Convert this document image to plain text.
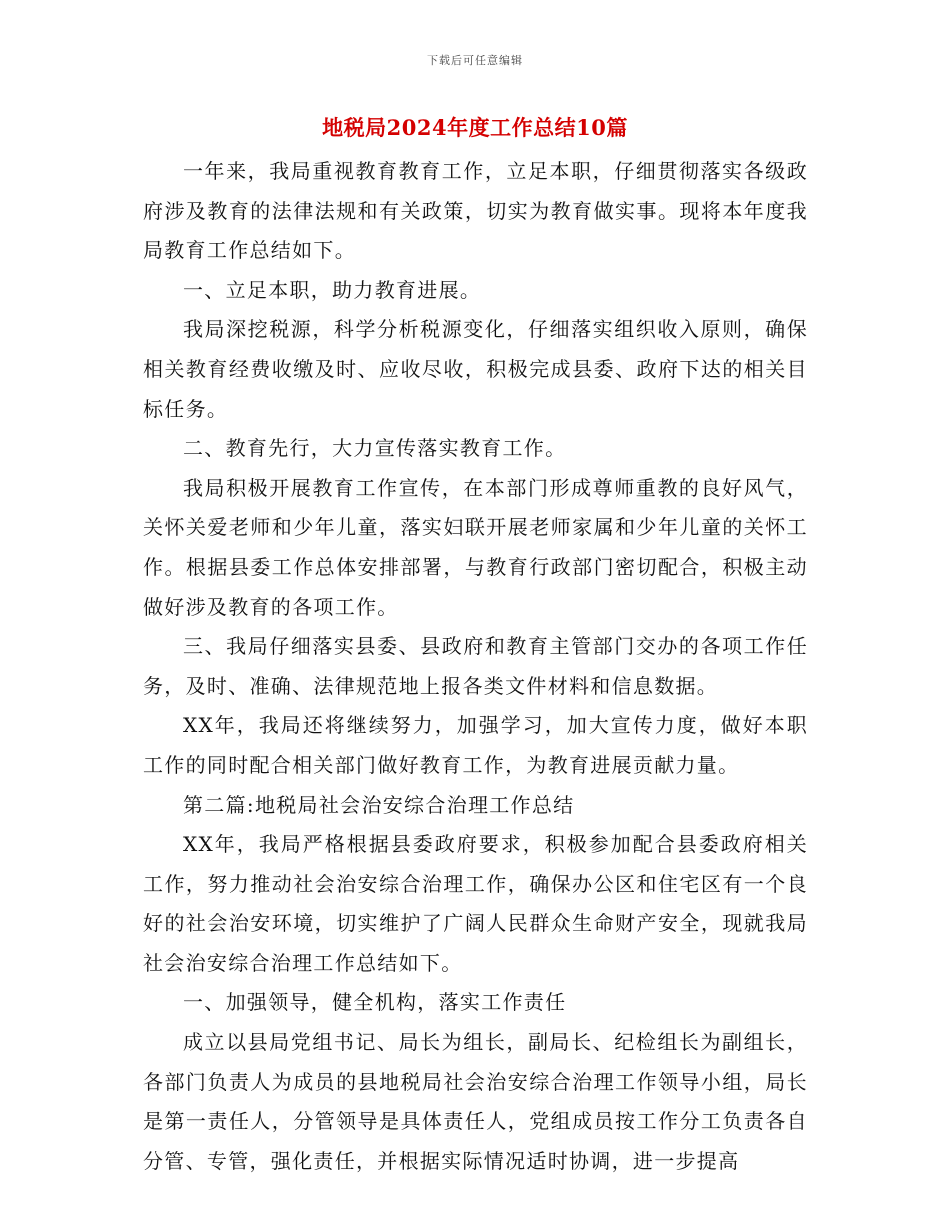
下载后可任意编辑
地税局2024年度工作总结10篇

一年来，我局重视教育教育工作，立足本职，仔细贯彻落实各级政府涉及教育的法律法规和有关政策，切实为教育做实事。现将本年度我局教育工作总结如下。

一、立足本职，助力教育进展。

我局深挖税源，科学分析税源变化，仔细落实组织收入原则，确保相关教育经费收缴及时、应收尽收，积极完成县委、政府下达的相关目标任务。

二、教育先行，大力宣传落实教育工作。

我局积极开展教育工作宣传，在本部门形成尊师重教的良好风气，关怀关爱老师和少年儿童，落实妇联开展老师家属和少年儿童的关怀工作。根据县委工作总体安排部署，与教育行政部门密切配合，积极主动做好涉及教育的各项工作。

三、我局仔细落实县委、县政府和教育主管部门交办的各项工作任务，及时、准确、法律规范地上报各类文件材料和信息数据。

XX年，我局还将继续努力，加强学习，加大宣传力度，做好本职工作的同时配合相关部门做好教育工作，为教育进展贡献力量。

第二篇:地税局社会治安综合治理工作总结

XX年，我局严格根据县委政府要求，积极参加配合县委政府相关工作，努力推动社会治安综合治理工作，确保办公区和住宅区有一个良好的社会治安环境，切实维护了广阔人民群众生命财产安全，现就我局社会治安综合治理工作总结如下。

一、加强领导，健全机构，落实工作责任

成立以县局党组书记、局长为组长，副局长、纪检组长为副组长，各部门负责人为成员的县地税局社会治安综合治理工作领导小组，局长是第一责任人，分管领导是具体责任人，党组成员按工作分工负责各自分管、专管，强化责任，并根据实际情况适时协调，进一步提高
